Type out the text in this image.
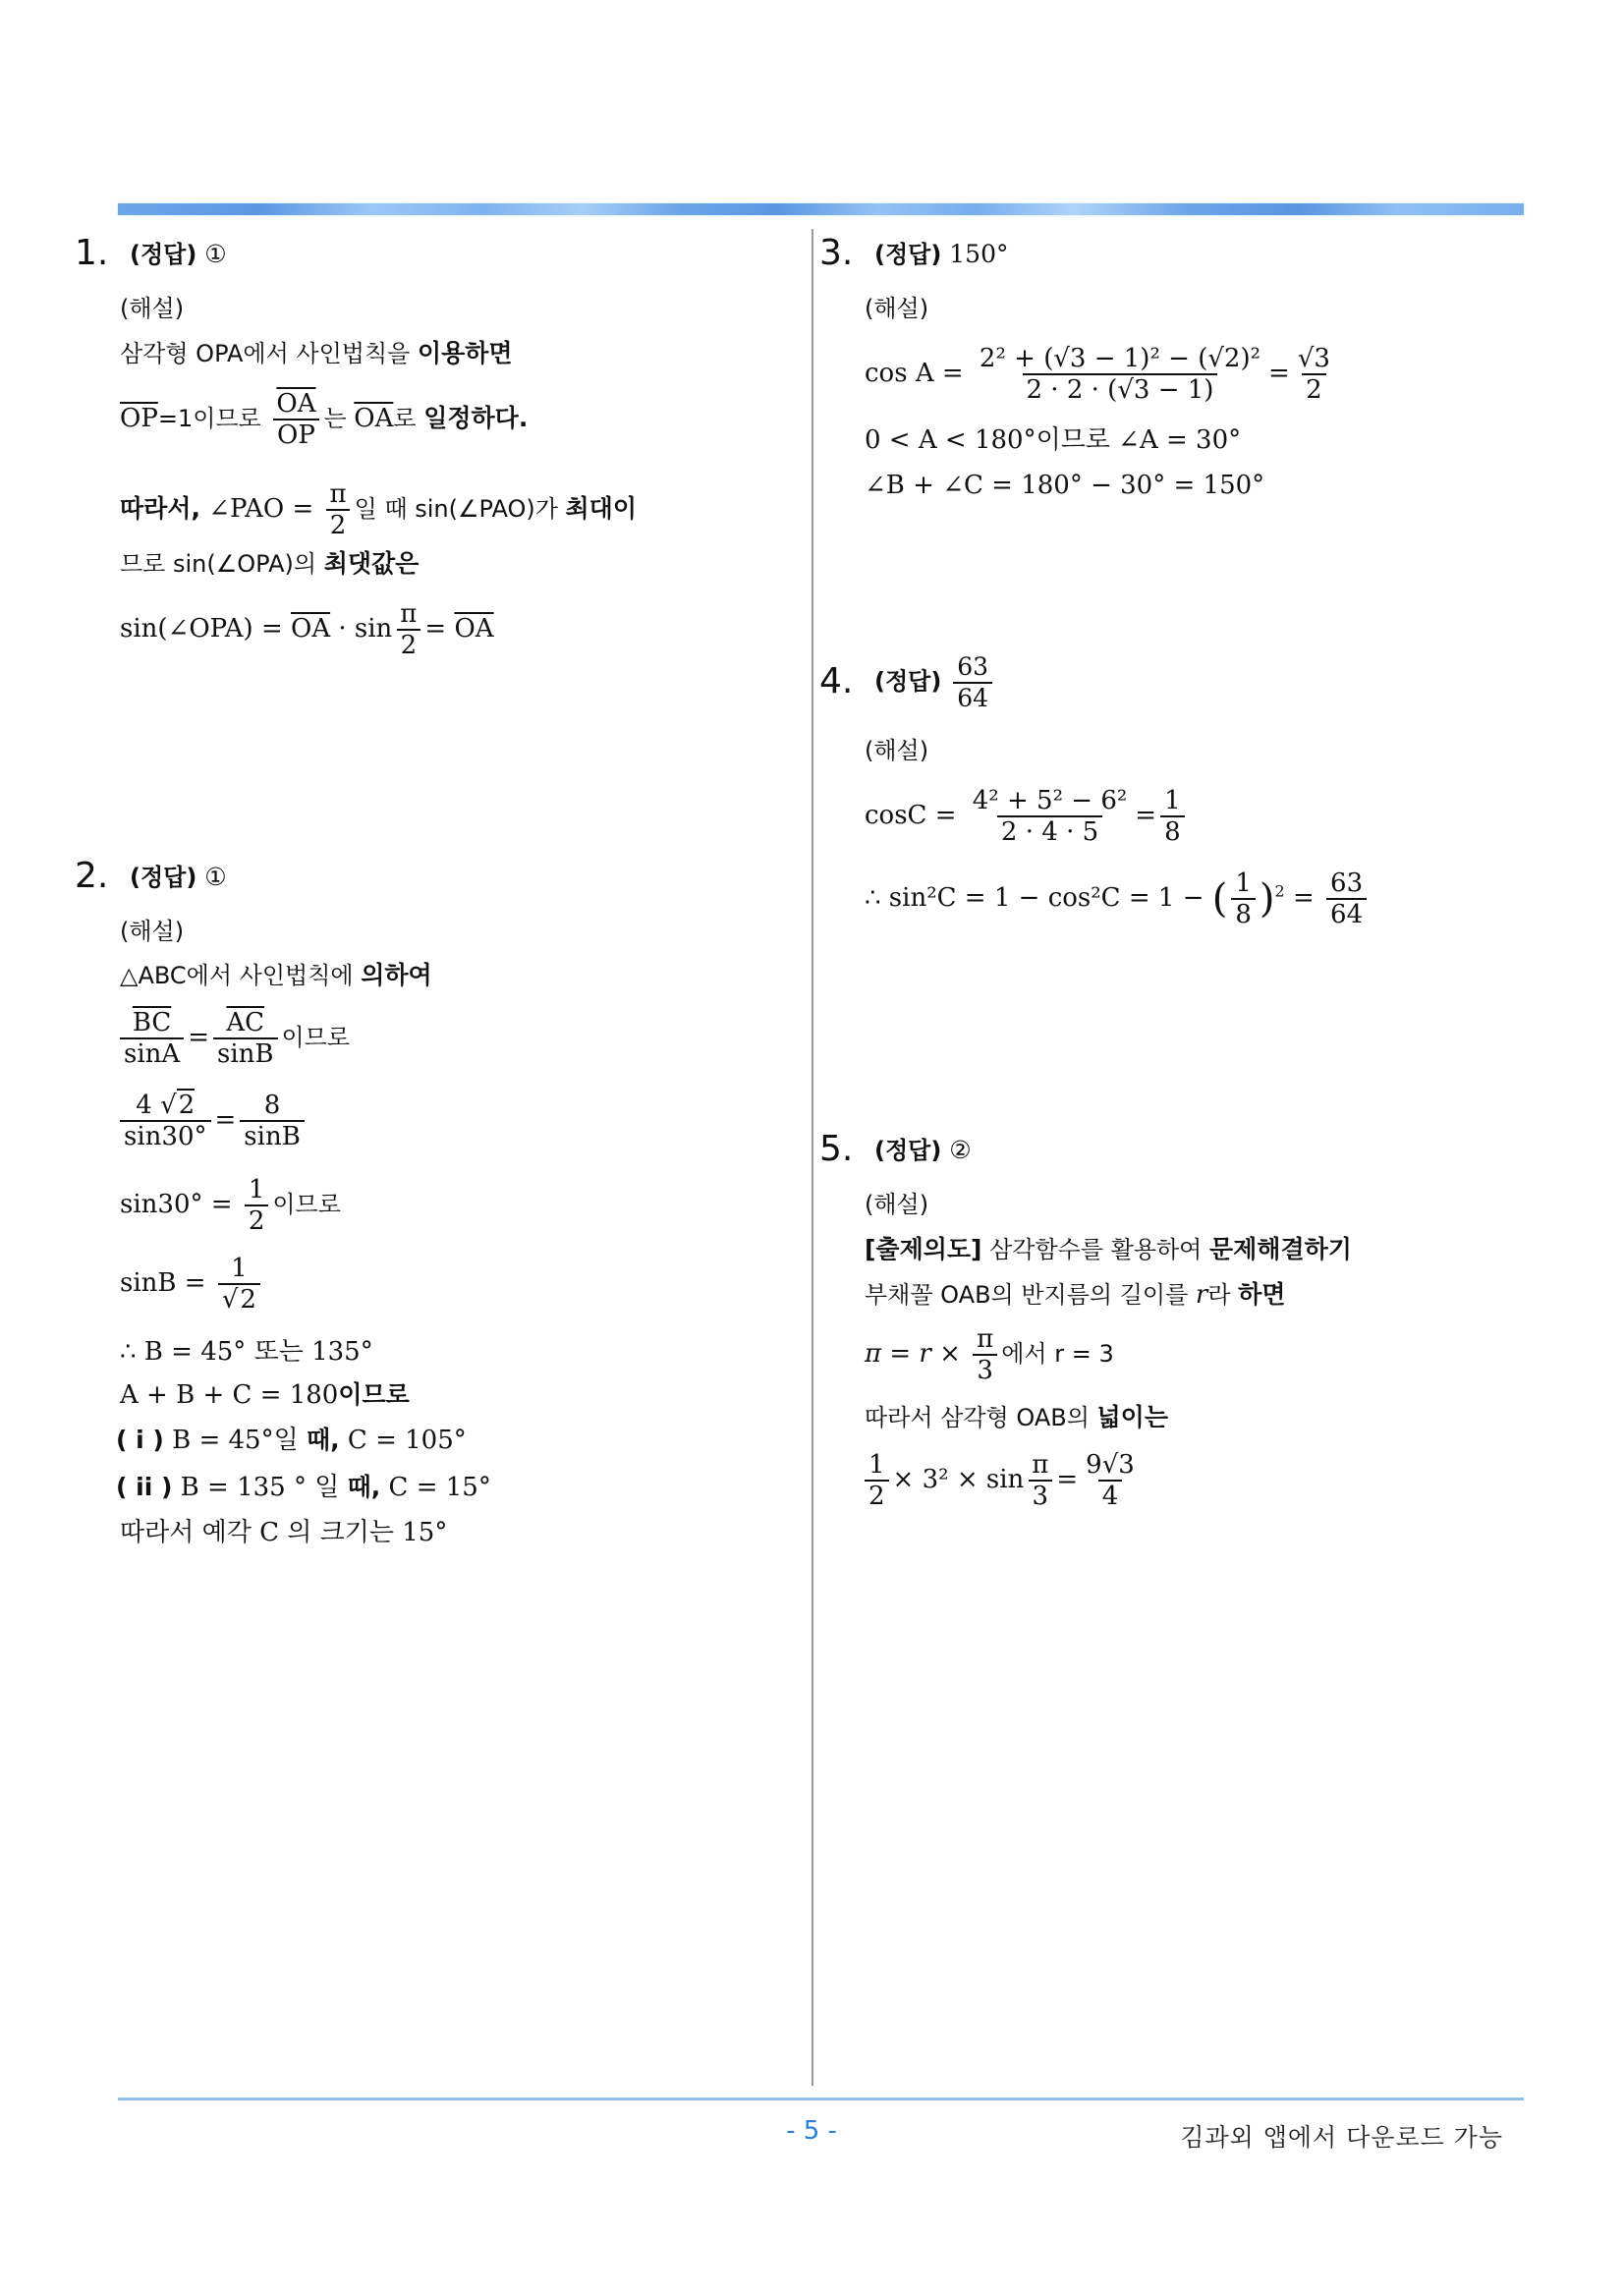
1. (정답) ①
(해설)
삼각형 OPA에서 사인법칙을 이용하면
$\overline{OP}=1$이므로 $\frac{\overline{OA}}{OP}$ 는 $\overline{OA}$로 일정하다.
따라서, ∠PAO = $\frac{\pi}{2}$ 일 때 sin(∠PAO)가 최대이
므로 sin(∠OPA)의 최댓값은
sin(∠OPA) = $\overline{OA} \cdot \sin \frac{\pi}{2} = \overline{OA}$
2. (정답) ①
(해설)
△ABC에서 사인법칙에 의하여
$\frac{\overline{BC}}{\sin A} = \frac{\overline{AC}}{\sin B}$ 이므로
$\frac{4 √2}{\sin 30^\circ} = \frac{8}{\sin B}$
$\sin 30^\circ = \frac{1}{2}$ 이므로
$\sin B = \frac{1}{√2}$
∴ B = 45° 또는 135°
A + B + C = 180이므로
( i ) B = 45°일 때, C = 105°
( ii ) B = 135 ° 일 때, C = 15°
따라서 예각 C 의 크기는 15°
3. (정답) 150°
(해설)
$\cos A = \frac{\text{2² + (√3 − 1)² − (√2)²}}{2 \cdot 2 \cdot (√3 - 1)} = \frac{√3}{2}$
0 < A < 180°이므로 ∠A = 30°
∠B + ∠C = 180° − 30° = 150°
4. (정답) $\frac{63}{64}$
(해설)
$\cos C = \frac{\text{4² + 5² − 6²}}{2 \cdot 4 \cdot 5} = \frac{1}{8}$
∴ sin²C = 1 − cos²C = 1 − ( $\frac{1}{8} )^2 = \frac{63}{64}$
5. (정답) ②
(해설)
[출제의도] 삼각함수를 활용하여 문제해결하기
부채꼴 OAB의 반지름의 길이를 r라 하면
$\pi = r \times \frac{\pi}{3}$ 에서 r = 3
따라서 삼각형 OAB의 넓이는
$\frac{1}{2} \times 3^2 \times \sin \frac{\pi}{3} = \frac{9√3}{4}$
- 5 -	김과외 앱에서 다운로드 가능
